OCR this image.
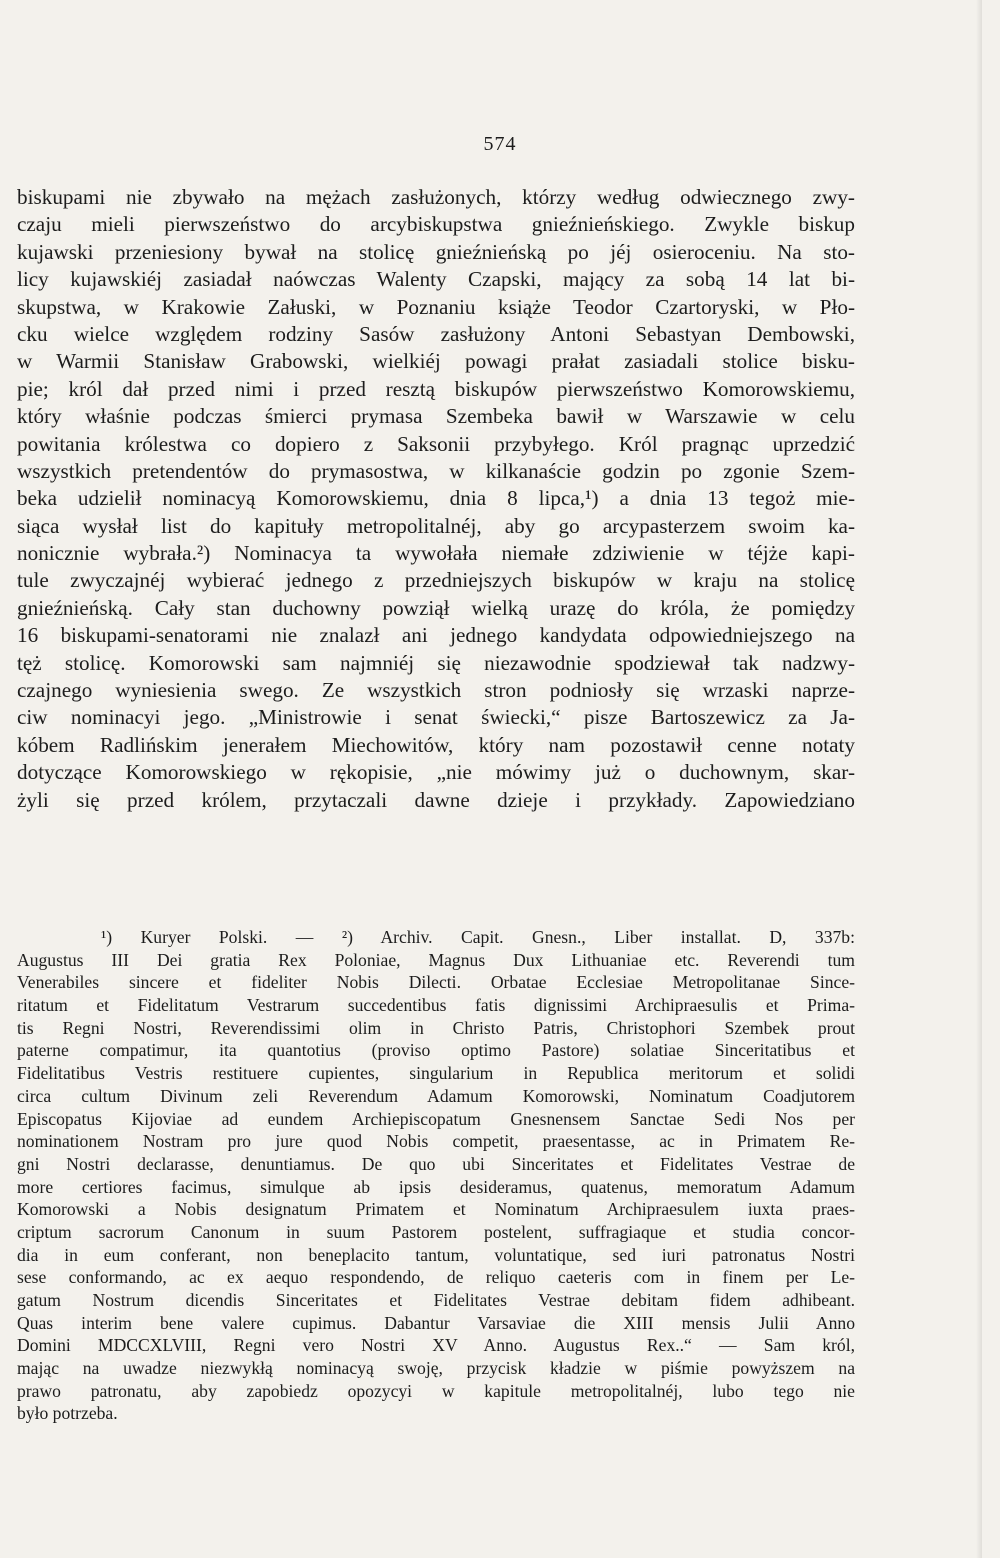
574
biskupami nie zbywało na mężach zasłużonych, którzy według odwiecznego zwy-
czaju mieli pierwszeństwo do arcybiskupstwa gnieźnieńskiego. Zwykle biskup
kujawski przeniesiony bywał na stolicę gnieźnieńską po jéj osieroceniu. Na sto-
licy kujawskiéj zasiadał naówczas Walenty Czapski, mający za sobą 14 lat bi-
skupstwa, w Krakowie Załuski, w Poznaniu książe Teodor Czartoryski, w Pło-
cku wielce względem rodziny Sasów zasłużony Antoni Sebastyan Dembowski,
w Warmii Stanisław Grabowski, wielkiéj powagi prałat zasiadali stolice bisku-
pie; król dał przed nimi i przed resztą biskupów pierwszeństwo Komorowskiemu,
który właśnie podczas śmierci prymasa Szembeka bawił w Warszawie w celu
powitania królestwa co dopiero z Saksonii przybyłego. Król pragnąc uprzedzić
wszystkich pretendentów do prymasostwa, w kilkanaście godzin po zgonie Szem-
beka udzielił nominacyą Komorowskiemu, dnia 8 lipca,¹) a dnia 13 tegoż mie-
siąca wysłał list do kapituły metropolitalnéj, aby go arcypasterzem swoim ka-
nonicznie wybrała.²) Nominacya ta wywołała niemałe zdziwienie w téjże kapi-
tule zwyczajnéj wybierać jednego z przedniejszych biskupów w kraju na stolicę
gnieźnieńską. Cały stan duchowny powziął wielką urazę do króla, że pomiędzy
16 biskupami-senatorami nie znalazł ani jednego kandydata odpowiedniejszego na
tęż stolicę. Komorowski sam najmniéj się niezawodnie spodziewał tak nadzwy-
czajnego wyniesienia swego. Ze wszystkich stron podniosły się wrzaski naprze-
ciw nominacyi jego. „Ministrowie i senat świecki,“ pisze Bartoszewicz za Ja-
kóbem Radlińskim jenerałem Miechowitów, który nam pozostawił cenne notaty
dotyczące Komorowskiego w rękopisie, „nie mówimy już o duchownym, skar-
żyli się przed królem, przytaczali dawne dzieje i przykłady. Zapowiedziano
¹) Kuryer Polski. — ²) Archiv. Capit. Gnesn., Liber installat. D, 337b:
Augustus III Dei gratia Rex Poloniae, Magnus Dux Lithuaniae etc. Reverendi tum
Venerabiles sincere et fideliter Nobis Dilecti. Orbatae Ecclesiae Metropolitanae Since-
ritatum et Fidelitatum Vestrarum succedentibus fatis dignissimi Archipraesulis et Prima-
tis Regni Nostri, Reverendissimi olim in Christo Patris, Christophori Szembek prout
paterne compatimur, ita quantotius (proviso optimo Pastore) solatiae Sinceritatibus et
Fidelitatibus Vestris restituere cupientes, singularium in Republica meritorum et solidi
circa cultum Divinum zeli Reverendum Adamum Komorowski, Nominatum Coadjutorem
Episcopatus Kijoviae ad eundem Archiepiscopatum Gnesnensem Sanctae Sedi Nos per
nominationem Nostram pro jure quod Nobis competit, praesentasse, ac in Primatem Re-
gni Nostri declarasse, denuntiamus. De quo ubi Sinceritates et Fidelitates Vestrae de
more certiores facimus, simulque ab ipsis desideramus, quatenus, memoratum Adamum
Komorowski a Nobis designatum Primatem et Nominatum Archipraesulem iuxta praes-
criptum sacrorum Canonum in suum Pastorem postelent, suffragiaque et studia concor-
dia in eum conferant, non beneplacito tantum, voluntatique, sed iuri patronatus Nostri
sese conformando, ac ex aequo respondendo, de reliquo caeteris com in finem per Le-
gatum Nostrum dicendis Sinceritates et Fidelitates Vestrae debitam fidem adhibeant.
Quas interim bene valere cupimus. Dabantur Varsaviae die XIII mensis Julii Anno
Domini MDCCXLVIII, Regni vero Nostri XV Anno. Augustus Rex..“ — Sam król,
mając na uwadze niezwykłą nominacyą swoję, przycisk kładzie w piśmie powyższem na
prawo patronatu, aby zapobiedz opozycyi w kapitule metropolitalnéj, lubo tego nie
było potrzeba.
